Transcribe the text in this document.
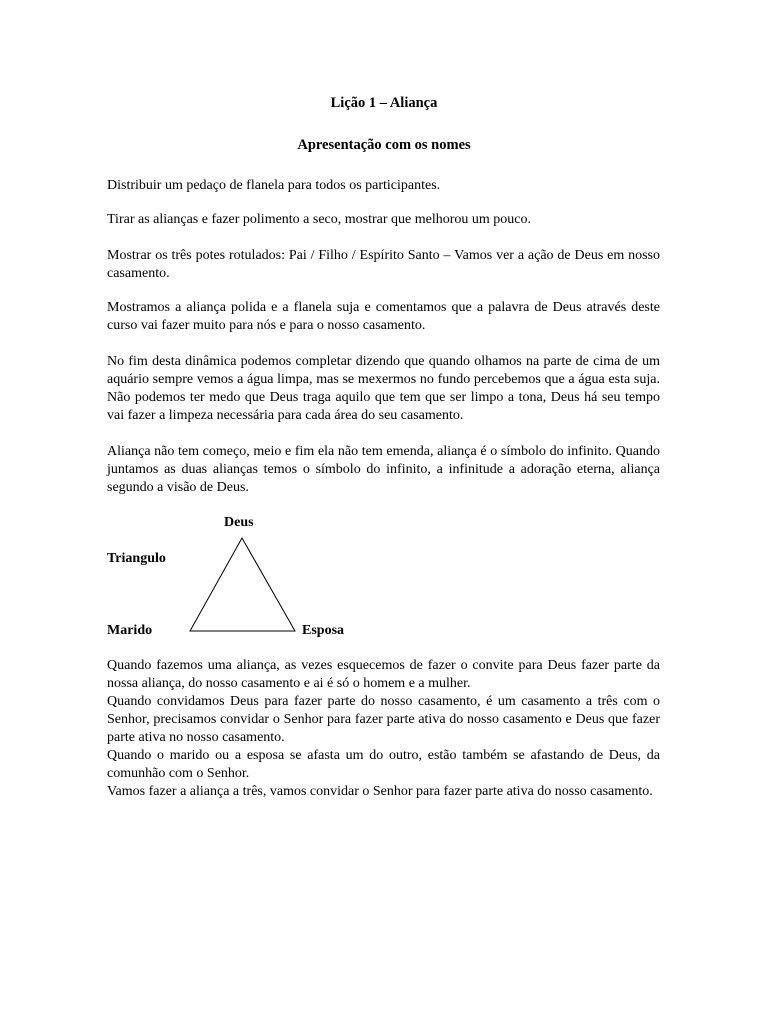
Lição 1 – Aliança
Apresentação com os nomes
Distribuir um pedaço de flanela para todos os participantes.
Tirar as alianças e fazer polimento a seco, mostrar que melhorou um pouco.
Mostrar os três potes rotulados: Pai / Filho / Espírito Santo – Vamos ver a ação de Deus em nosso casamento.
Mostramos a aliança polida e a flanela suja e comentamos que a palavra de Deus através deste curso vai fazer muito para nós e para o nosso casamento.
No fim desta dinâmica podemos completar dizendo que quando olhamos na parte de cima de um aquário sempre vemos a água limpa, mas se mexermos no fundo percebemos que a água esta suja. Não podemos ter medo que Deus traga aquilo que tem que ser limpo a tona, Deus há seu tempo vai fazer a limpeza necessária para cada área do seu casamento.
Aliança não tem começo, meio e fim ela não tem emenda, aliança é o símbolo do infinito. Quando juntamos as duas alianças temos o símbolo do infinito, a infinitude a adoração eterna, aliança segundo a visão de Deus.
Deus
Triangulo
Marido	Esposa
Quando fazemos uma aliança, as vezes esquecemos de fazer o convite para Deus fazer parte da nossa aliança, do nosso casamento e ai é só o homem e a mulher.
Quando convidamos Deus para fazer parte do nosso casamento, é um casamento a três com o Senhor, precisamos convidar o Senhor para fazer parte ativa do nosso casamento e Deus que fazer parte ativa no nosso casamento.
Quando o marido ou a esposa se afasta um do outro, estão também se afastando de Deus, da comunhão com o Senhor.
Vamos fazer a aliança a três, vamos convidar o Senhor para fazer parte ativa do nosso casamento.
